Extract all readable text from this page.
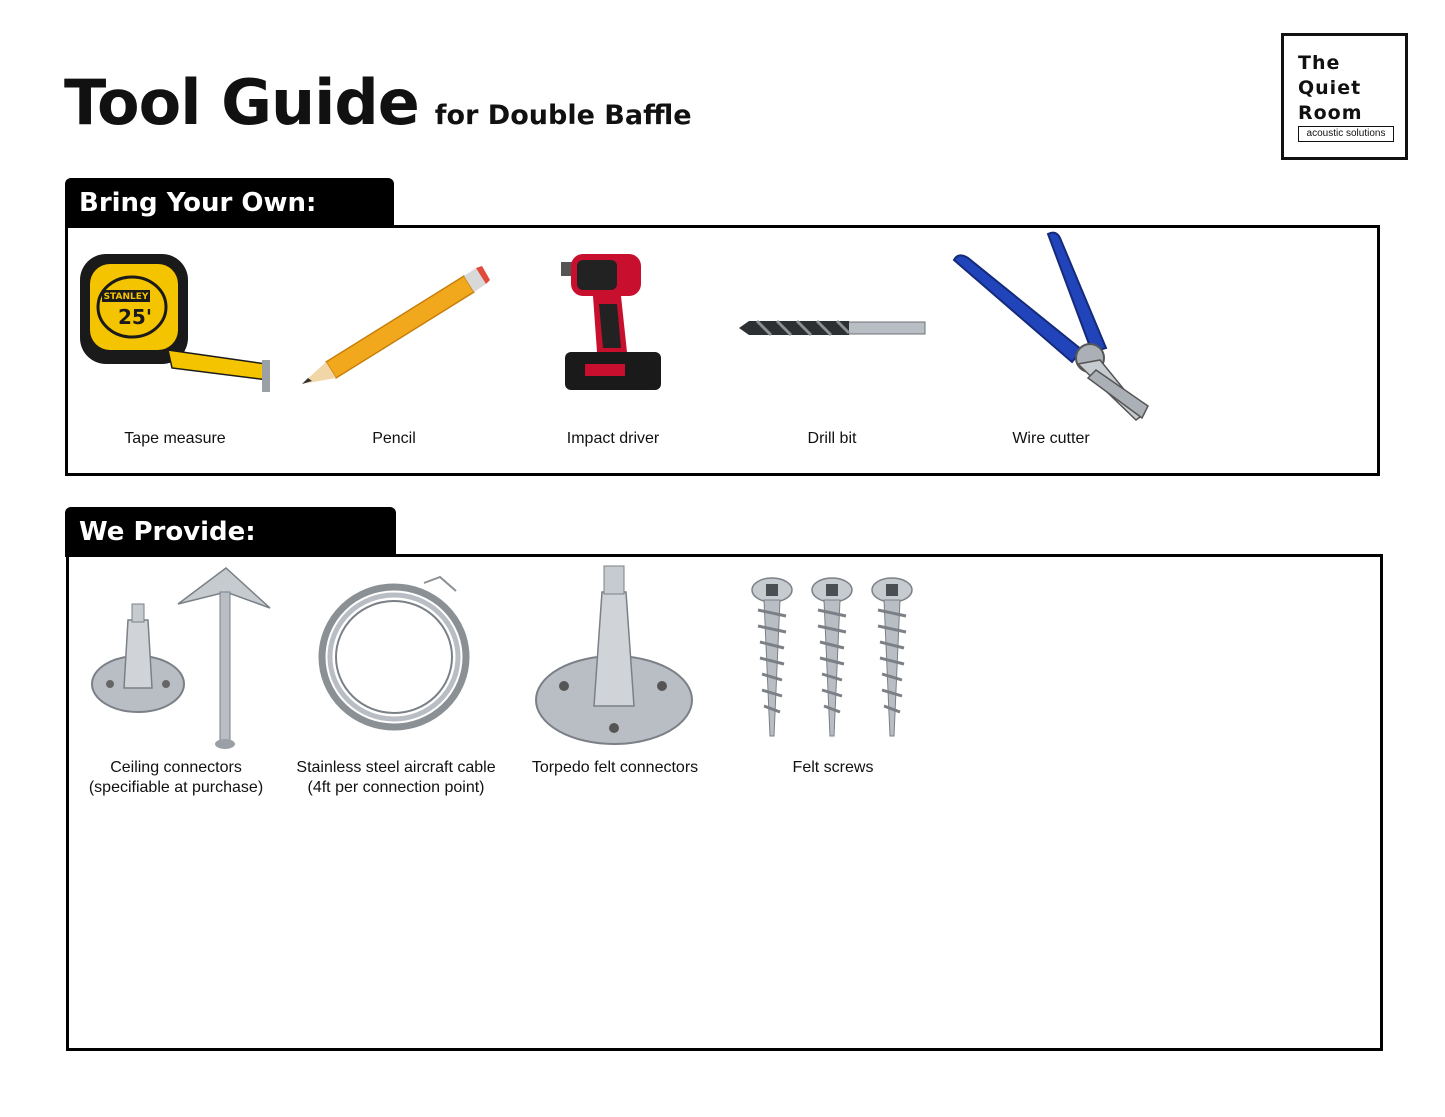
Tool Guide for Double Baffle
The
Quiet
Room
acoustic solutions
Bring Your Own:
STANLEY
25'
Tape measure	Pencil	Impact driver	Drill bit	Wire cutter
We Provide:
Ceiling connectors
(specifiable at purchase)
Stainless steel aircraft cable
(4ft per connection point)
Torpedo felt connectors	Felt screws
